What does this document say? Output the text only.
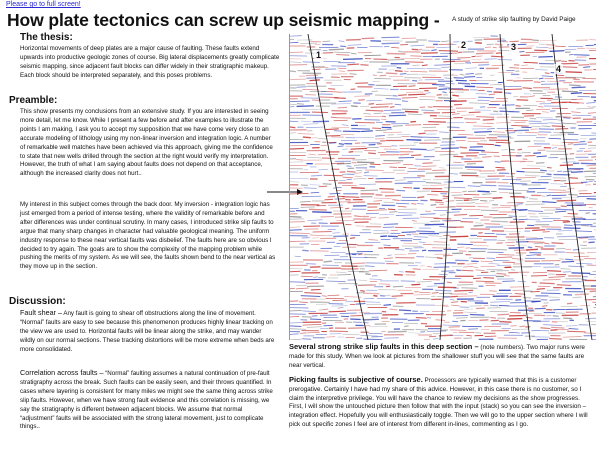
Please go to full screen!
How plate tectonics can screw up seismic mapping - A study of strike slip faulting by David Paige
The thesis:
Horizontal movements of deep plates are a major cause of faulting. These faults extend upwards into productive geologic zones of course. Big lateral displacements greatly complicate seismic mapping, since adjacent fault blocks can differ widely in their stratigraphic makeup. Each block should be interpreted separately, and this poses problems.
Preamble:
This show presents my conclusions from an extensive study. If you are interested in seeing more detail, let me know. While I present a few before and after examples to illustrate the points I am making, I ask you to accept my supposition that we have come very close to an accurate modeling of lithology using my non-linear inversion and integration logic. A number of remarkable well matches have been achieved via this approach, giving me the confidence to state that new wells drilled through the section at the right would verify my interpretation. However, the truth of what I am saying about faults does not depend on that acceptance, although the increased clarity does not hurt..
My interest in this subject comes through the back door. My inversion - integration logic has just emerged from a period of intense testing, where the validity of remarkable before and after differences was under continual scrutiny. In many cases, I introduced strike slip faults to argue that many sharp changes in character had valuable geological meaning. The uniform industry response to these near vertical faults was disbelief. The faults here are so obvious I decided to try again. The goals are to show the complexity of the mapping problem while pushing the merits of my system. As we will see, the faults shown bend to the near vertical as they move up in the section.
Discussion:
Fault shear – Any fault is going to shear off obstructions along the line of movement. “Normal” faults are easy to see because this phenomenon produces highly linear tracking on the view we are used to. Horizontal faults will be linear along the strike, and may wander wildly on our normal sections. These tracking distortions will be more extreme when beds are more consolidated.
Correlation across faults – “Normal” faulting assumes a natural continuation of pre-fault stratigraphy across the break. Such faults can be easily seen, and their throws quantified. In cases where layering is consistent for many miles we might see the same thing across strike slip faults. However, when we have strong fault evidence and this correlation is missing, we say the stratigraphy is different between adjacent blocks. We assume that normal “adjustment” faults will be associated with the strong lateral movement, just to complicate things..
1
2	3
4
Several strong strike slip faults in this deep section – (note numbers). Two major runs were made for this study. When we look at pictures from the shallower stuff you will see that the same faults are near vertical.
Picking faults is subjective of course. Processors are typically warned that this is a customer prerogative. Certainly I have had my share of this advice. However, in this case there is no customer, so I claim the interpretive privilege. You will have the chance to review my decisions as the show progresses. First, I will show the untouched picture then follow that with the input (stack) so you can see the inversion – integration effect. Hopefully you will enthusiastically toggle. Then we will go to the upper section where I will pick out specific zones I feel are of interest from different in-lines, commenting as I go.
